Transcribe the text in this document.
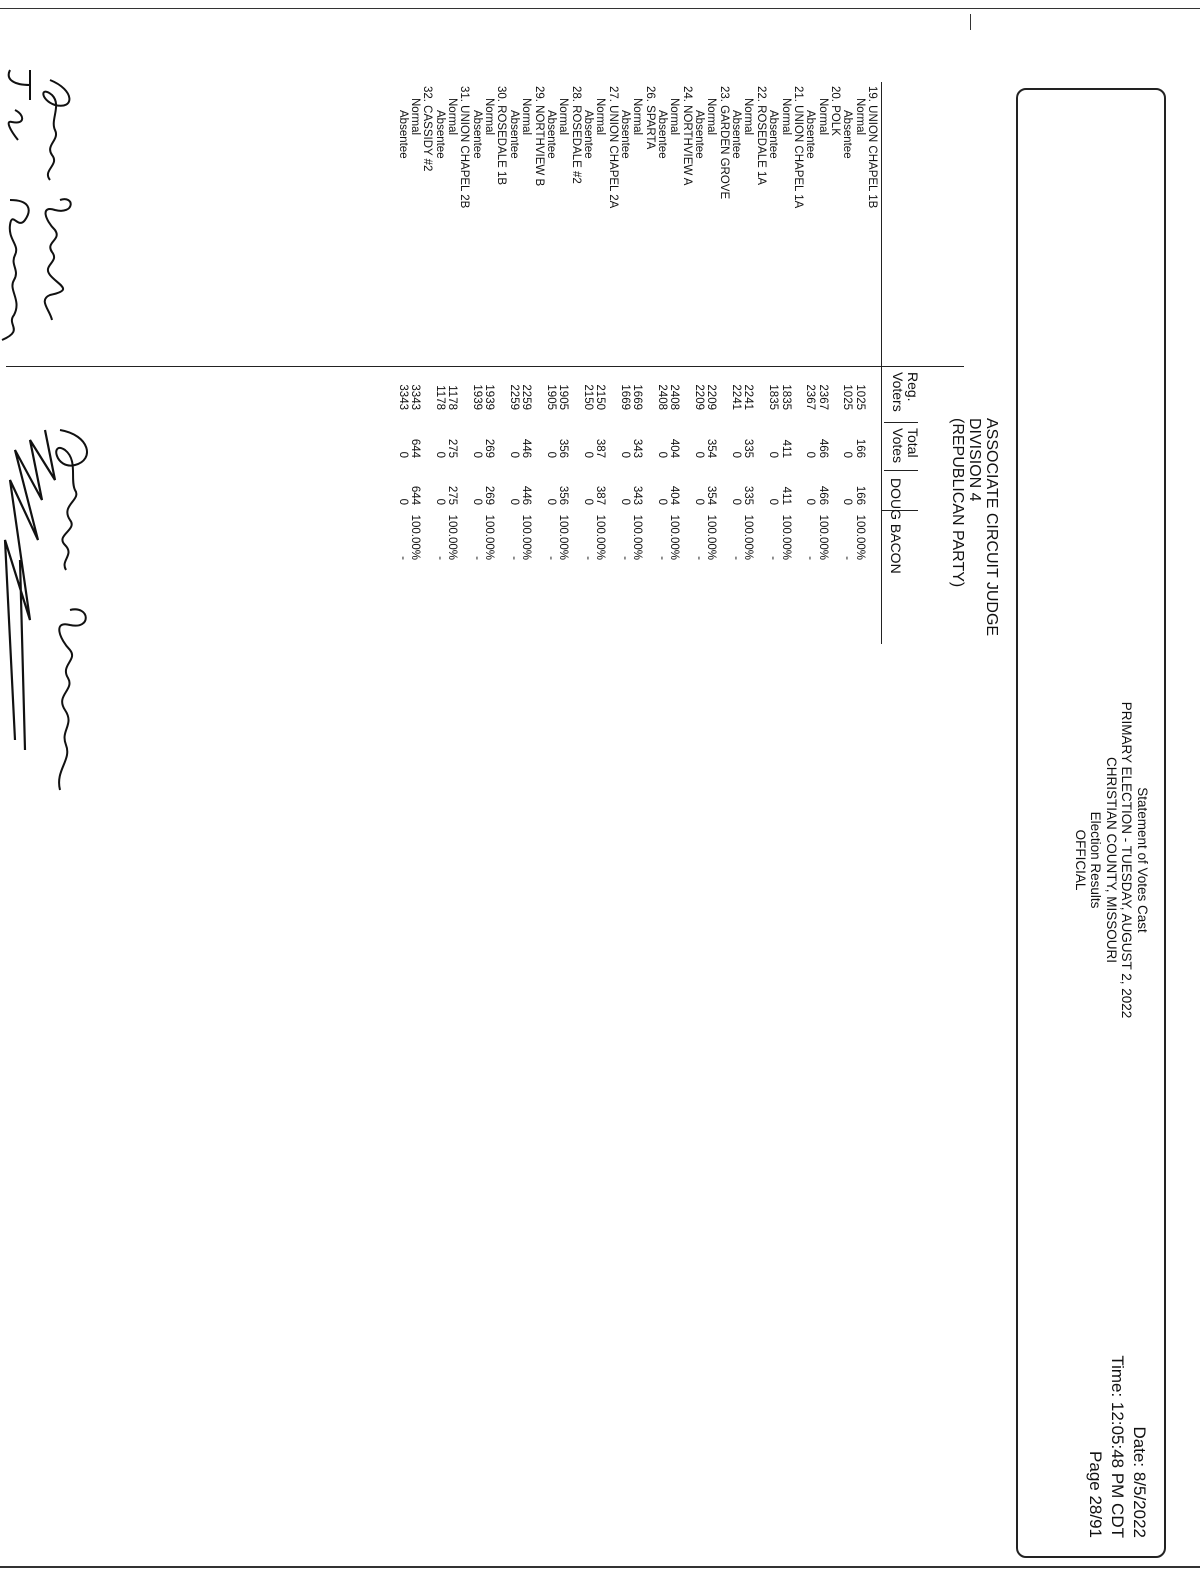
Statement of Votes Cast
PRIMARY ELECTION - TUESDAY, AUGUST 2, 2022
CHRISTIAN COUNTY, MISSOURI
Election Results
OFFICIAL
Date: 8/5/2022
Time: 12:05:48 PM CDT
Page 28/91
ASSOCIATE CIRCUIT JUDGE
DIVISION 4
(REPUBLICAN PARTY)
Reg.
Voters
Total
Votes
DOUG BACON
19. UNION CHAPEL 1B
Normal
1025
166
166
100.00%
Absentee
1025
0
0
-
20. POLK
Normal
2367
466
466
100.00%
Absentee
2367
0
0
-
21. UNION CHAPEL 1A
Normal
1835
411
411
100.00%
Absentee
1835
0
0
-
22. ROSEDALE 1A
Normal
2241
335
335
100.00%
Absentee
2241
0
0
-
23. GARDEN GROVE
Normal
2209
354
354
100.00%
Absentee
2209
0
0
-
24. NORTHVIEW A
Normal
2408
404
404
100.00%
Absentee
2408
0
0
-
26. SPARTA
Normal
1669
343
343
100.00%
Absentee
1669
0
0
-
27. UNION CHAPEL 2A
Normal
2150
387
387
100.00%
Absentee
2150
0
0
-
28. ROSEDALE #2
Normal
1905
356
356
100.00%
Absentee
1905
0
0
-
29. NORTHVIEW B
Normal
2259
446
446
100.00%
Absentee
2259
0
0
-
30. ROSEDALE 1B
Normal
1939
269
269
100.00%
Absentee
1939
0
0
-
31. UNION CHAPEL 2B
Normal
1178
275
275
100.00%
Absentee
1178
0
0
-
32. CASSIDY #2
Normal
3343
644
644
100.00%
Absentee
3343
0
0
-
